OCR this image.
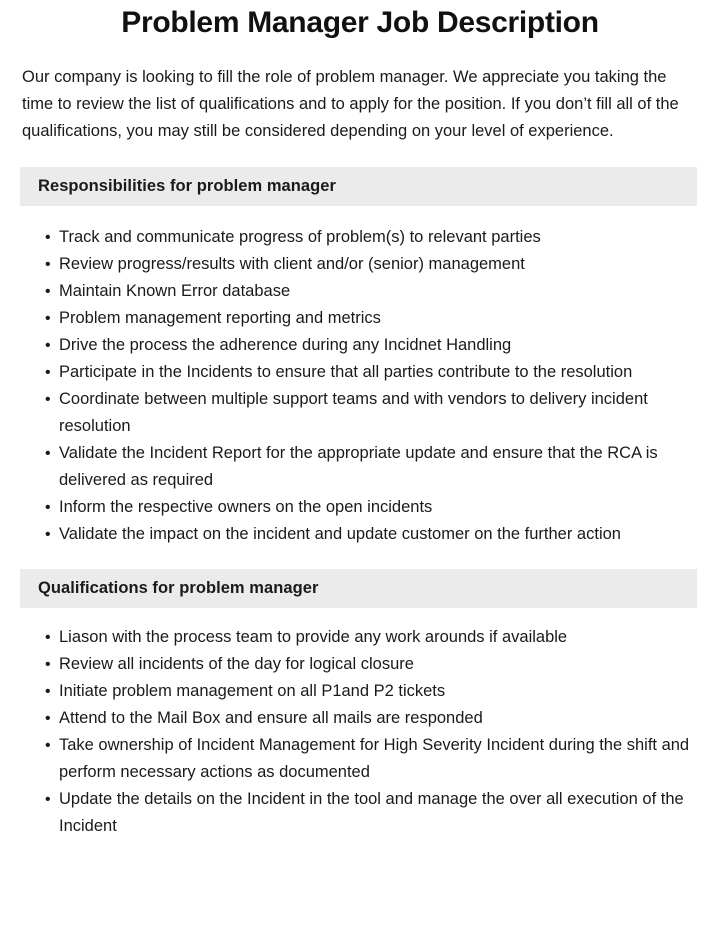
Problem Manager Job Description

Our company is looking to fill the role of problem manager. We appreciate you taking the time to review the list of qualifications and to apply for the position. If you don’t fill all of the qualifications, you may still be considered depending on your level of experience.

Responsibilities for problem manager
• Track and communicate progress of problem(s) to relevant parties
• Review progress/results with client and/or (senior) management
• Maintain Known Error database
• Problem management reporting and metrics
• Drive the process the adherence during any Incidnet Handling
• Participate in the Incidents to ensure that all parties contribute to the resolution
• Coordinate between multiple support teams and with vendors to delivery incident resolution
• Validate the Incident Report for the appropriate update and ensure that the RCA is delivered as required
• Inform the respective owners on the open incidents
• Validate the impact on the incident and update customer on the further action
Qualifications for problem manager
• Liason with the process team to provide any work arounds if available
• Review all incidents of the day for logical closure
• Initiate problem management on all P1and P2 tickets
• Attend to the Mail Box and ensure all mails are responded
• Take ownership of Incident Management for High Severity Incident during the shift and perform necessary actions as documented
• Update the details on the Incident in the tool and manage the over all execution of the Incident
